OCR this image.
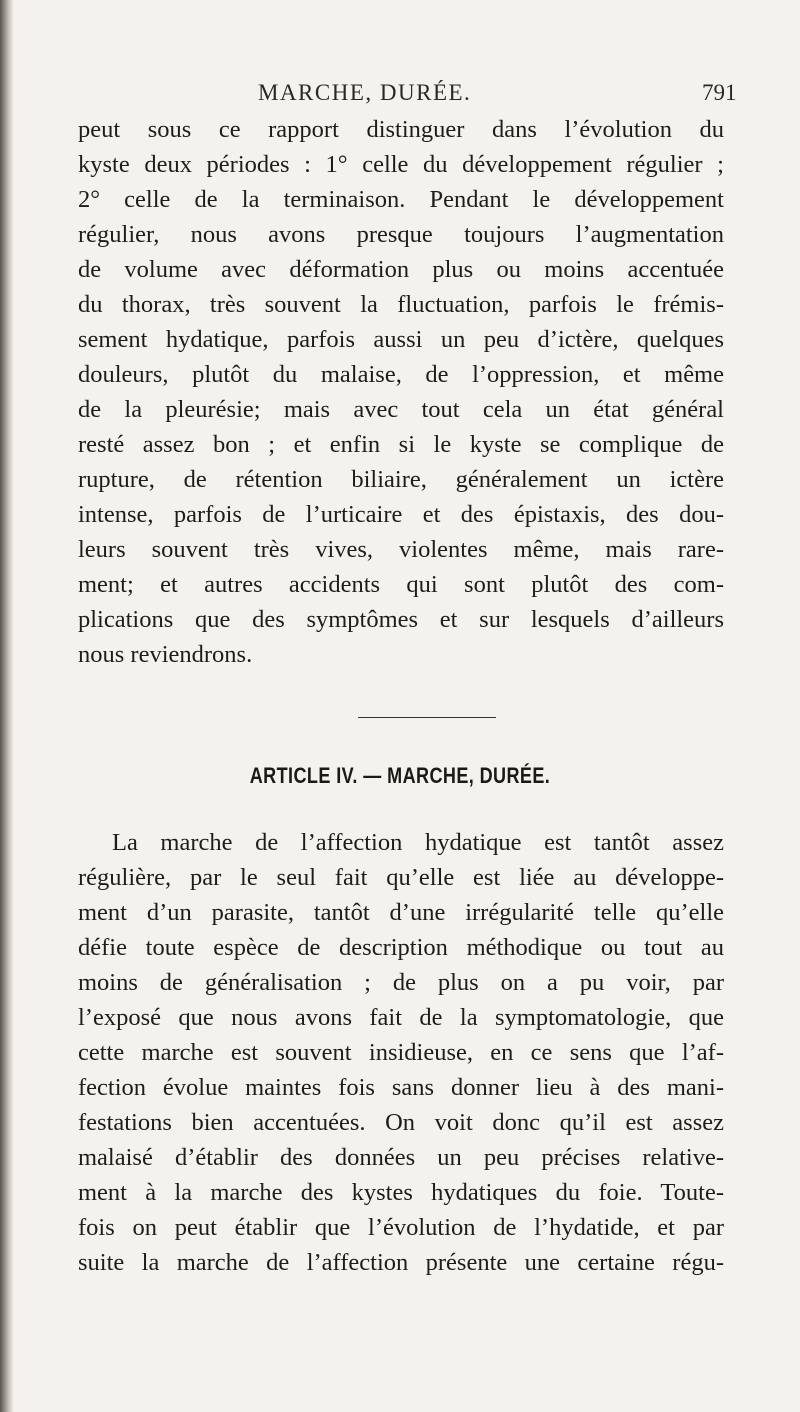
MARCHE, DURÉE.	791
peut sous ce rapport distinguer dans l’évolution du
kyste deux périodes : 1° celle du développement régulier ;
2° celle de la terminaison. Pendant le développement
régulier, nous avons presque toujours l’augmentation
de volume avec déformation plus ou moins accentuée
du thorax, très souvent la fluctuation, parfois le frémis-
sement hydatique, parfois aussi un peu d’ictère, quelques
douleurs, plutôt du malaise, de l’oppression, et même
de la pleurésie; mais avec tout cela un état général
resté assez bon ; et enfin si le kyste se complique de
rupture, de rétention biliaire, généralement un ictère
intense, parfois de l’urticaire et des épistaxis, des dou-
leurs souvent très vives, violentes même, mais rare-
ment; et autres accidents qui sont plutôt des com-
plications que des symptômes et sur lesquels d’ailleurs
nous reviendrons.
ARTICLE IV. — MARCHE, DURÉE.
La marche de l’affection hydatique est tantôt assez
régulière, par le seul fait qu’elle est liée au développe-
ment d’un parasite, tantôt d’une irrégularité telle qu’elle
défie toute espèce de description méthodique ou tout au
moins de généralisation ; de plus on a pu voir, par
l’exposé que nous avons fait de la symptomatologie, que
cette marche est souvent insidieuse, en ce sens que l’af-
fection évolue maintes fois sans donner lieu à des mani-
festations bien accentuées. On voit donc qu’il est assez
malaisé d’établir des données un peu précises relative-
ment à la marche des kystes hydatiques du foie. Toute-
fois on peut établir que l’évolution de l’hydatide, et par
suite la marche de l’affection présente une certaine régu-
